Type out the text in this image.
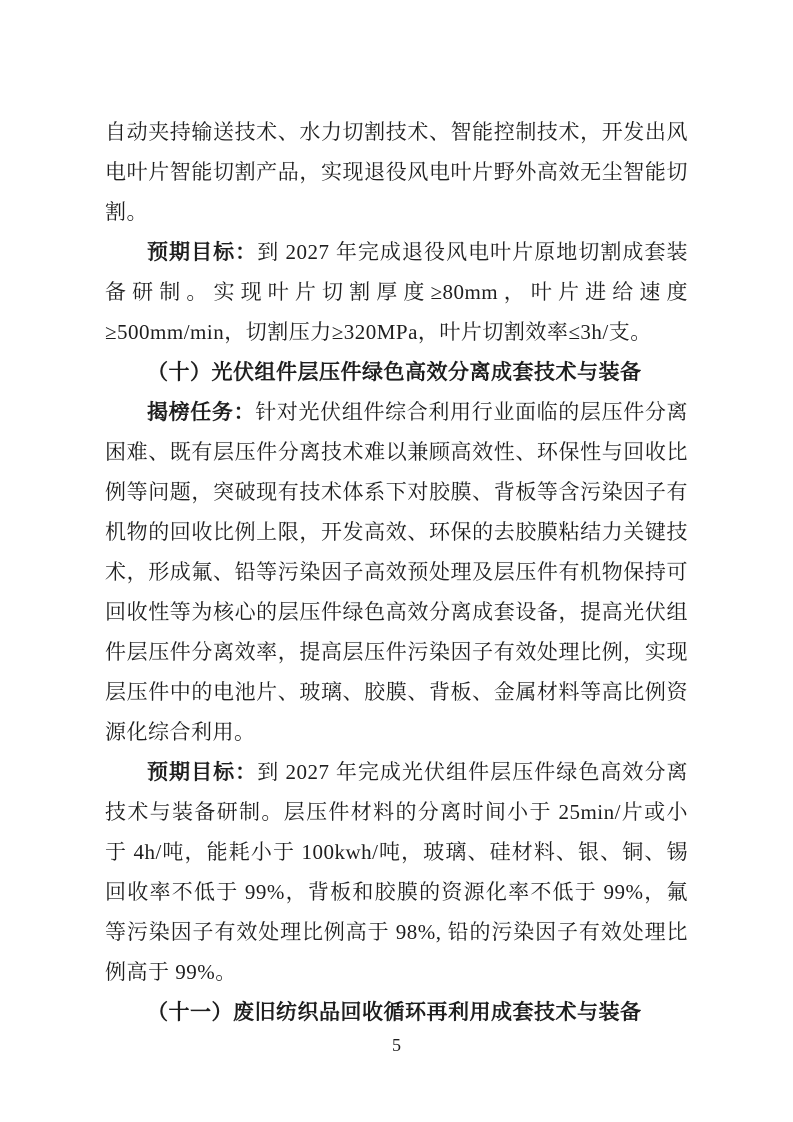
自动夹持输送技术、水力切割技术、智能控制技术，开发出风电叶片智能切割产品，实现退役风电叶片野外高效无尘智能切割。

预期目标：到 2027 年完成退役风电叶片原地切割成套装备研制。实现叶片切割厚度≥80mm，叶片进给速度≥500mm/min，切割压力≥320MPa，叶片切割效率≤3h/支。

（十）光伏组件层压件绿色高效分离成套技术与装备

揭榜任务：针对光伏组件综合利用行业面临的层压件分离困难、既有层压件分离技术难以兼顾高效性、环保性与回收比例等问题，突破现有技术体系下对胶膜、背板等含污染因子有机物的回收比例上限，开发高效、环保的去胶膜粘结力关键技术，形成氟、铅等污染因子高效预处理及层压件有机物保持可回收性等为核心的层压件绿色高效分离成套设备，提高光伏组件层压件分离效率，提高层压件污染因子有效处理比例，实现层压件中的电池片、玻璃、胶膜、背板、金属材料等高比例资源化综合利用。

预期目标：到 2027 年完成光伏组件层压件绿色高效分离技术与装备研制。层压件材料的分离时间小于 25min/片或小于 4h/吨，能耗小于 100kwh/吨，玻璃、硅材料、银、铜、锡回收率不低于 99%，背板和胶膜的资源化率不低于 99%，氟等污染因子有效处理比例高于 98%, 铅的污染因子有效处理比例高于 99%。

（十一）废旧纺织品回收循环再利用成套技术与装备

5
